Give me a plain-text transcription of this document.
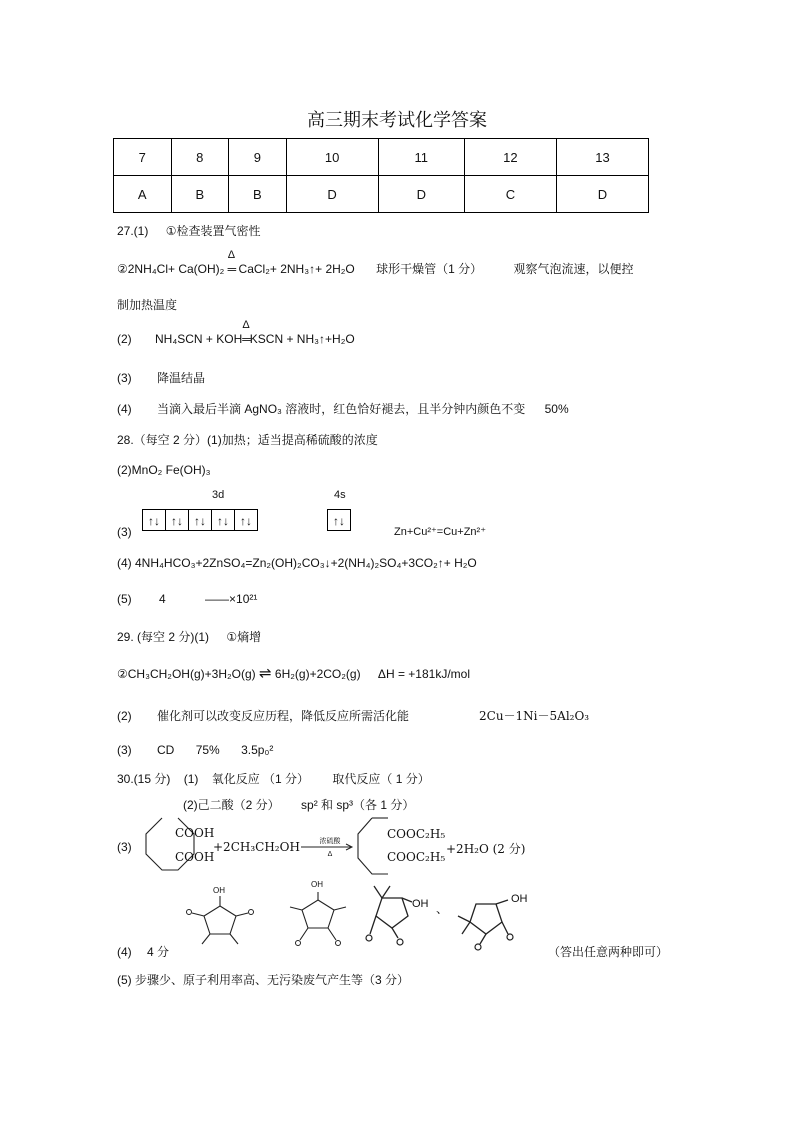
高三期末考试化学答案
7	8	9	10	11	12	13
A	B	B	D	D	C	D
27.(1) ①检查装置气密性
②2NH₄Cl+ Ca(OH)₂
Δ
═ CaCl₂+ 2NH₃↑+ 2H₂O 球形干燥管（1 分）	观察气泡流速，以便控
制加热温度
(2) NH₄SCN + KOH
Δ
═KSCN + NH₃↑+H₂O
(3) 降温结晶
(4) 当滴入最后半滴 AgNO₃ 溶液时，红色恰好褪去，且半分钟内颜色不变 50%
28.（每空 2 分）(1)加热；适当提高稀硫酸的浓度
(2)MnO₂ Fe(OH)₃
3d	4s
(3)
↑↓ ↑↓ ↑↓ ↑↓ ↑↓	↑↓
Zn+Cu²⁺=Cu+Zn²⁺
(4) 4NH₄HCO₃+2ZnSO₄=Zn₂(OH)₂CO₃↓+2(NH₄)₂SO₄+3CO₂↑+ H₂O
(5) 4	——×10²¹
29. (每空 2 分)(1) ①熵增
②CH₃CH₂OH(g)+3H₂O(g) ⇌ 6H₂(g)+2CO₂(g) ΔH = +181kJ/mol
(2) 催化剂可以改变反应历程，降低反应所需活化能	2Cu－1Ni－5Al₂O₃
(3) CD 75% 3.5p₀²
30.(15 分) (1) 氧化反应 （1 分） 取代反应（ 1 分）
(2)己二酸（2 分） sp² 和 sp³（各 1 分）
(3)
COOH
COOH
+2CH₃CH₂OH	浓硫酸
Δ
COOC₂H₅
COOC₂H₅
+2H₂O (2 分)
OH
OH
OH 、
OH
(4) 4 分	（答出任意两种即可）
(5) 步骤少、原子利用率高、无污染废气产生等（3 分）
